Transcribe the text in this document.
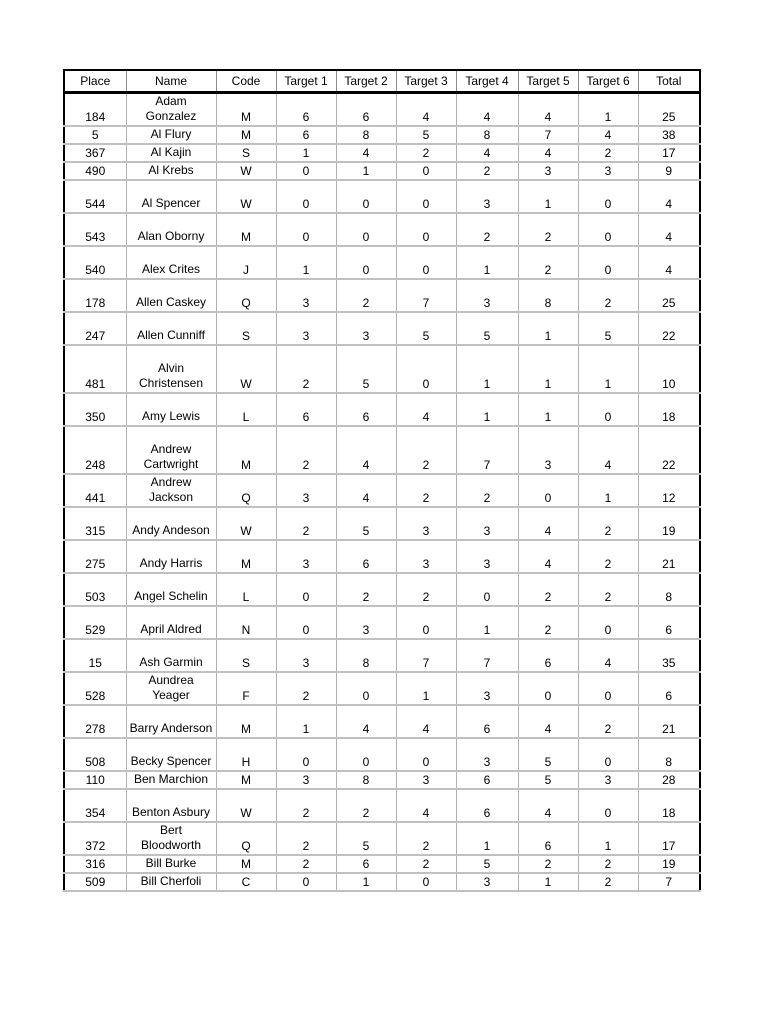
Place	Name	Code	Target 1	Target 2	Target 3	Target 4	Target 5	Target 6	Total
184	Adam Gonzalez	M	6	6	4	4	4	1	25
5	Al Flury	M	6	8	5	8	7	4	38
367	Al Kajin	S	1	4	2	4	4	2	17
490	Al Krebs	W	0	1	0	2	3	3	9
544	Al Spencer	W	0	0	0	3	1	0	4
543	Alan Oborny	M	0	0	0	2	2	0	4
540	Alex Crites	J	1	0	0	1	2	0	4
178	Allen Caskey	Q	3	2	7	3	8	2	25
247	Allen Cunniff	S	3	3	5	5	1	5	22
481	Alvin Christensen	W	2	5	0	1	1	1	10
350	Amy Lewis	L	6	6	4	1	1	0	18
248	Andrew Cartwright	M	2	4	2	7	3	4	22
441	Andrew Jackson	Q	3	4	2	2	0	1	12
315	Andy Andeson	W	2	5	3	3	4	2	19
275	Andy Harris	M	3	6	3	3	4	2	21
503	Angel Schelin	L	0	2	2	0	2	2	8
529	April Aldred	N	0	3	0	1	2	0	6
15	Ash Garmin	S	3	8	7	7	6	4	35
528	Aundrea Yeager	F	2	0	1	3	0	0	6
278	Barry Anderson	M	1	4	4	6	4	2	21
508	Becky Spencer	H	0	0	0	3	5	0	8
110	Ben Marchion	M	3	8	3	6	5	3	28
354	Benton Asbury	W	2	2	4	6	4	0	18
372	Bert Bloodworth	Q	2	5	2	1	6	1	17
316	Bill Burke	M	2	6	2	5	2	2	19
509	Bill Cherfoli	C	0	1	0	3	1	2	7
